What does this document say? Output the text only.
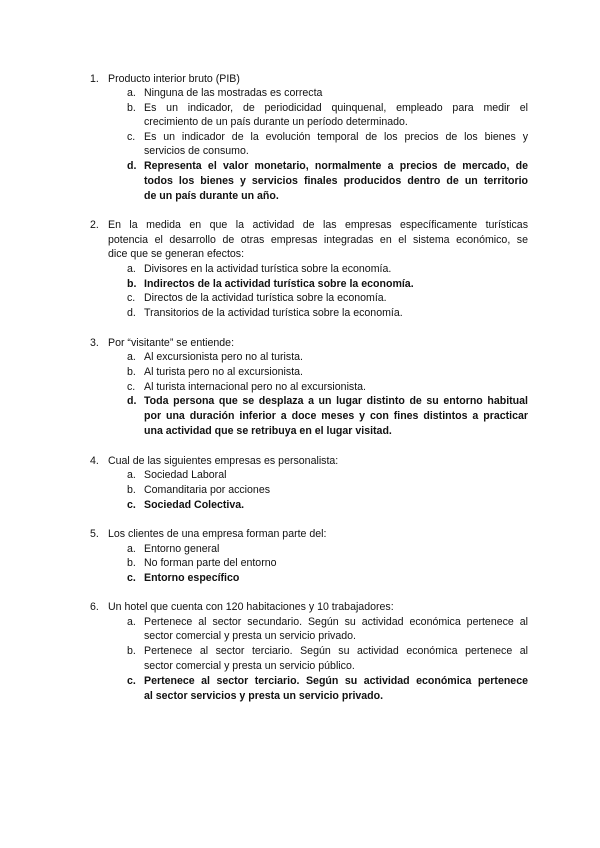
1. Producto interior bruto (PIB)
a. Ninguna de las mostradas es correcta
b. Es un indicador, de periodicidad quinquenal, empleado para medir el
crecimiento de un país durante un período determinado.
c. Es un indicador de la evolución temporal de los precios de los bienes y
servicios de consumo.
d. Representa el valor monetario, normalmente a precios de mercado, de
todos los bienes y servicios finales producidos dentro de un territorio
de un país durante un año.
2. En la medida en que la actividad de las empresas específicamente turísticas
potencia el desarrollo de otras empresas integradas en el sistema económico, se
dice que se generan efectos:
a. Divisores en la actividad turística sobre la economía.
b. Indirectos de la actividad turística sobre la economía.
c. Directos de la actividad turística sobre la economía.
d. Transitorios de la actividad turística sobre la economía.
3. Por “visitante” se entiende:
a. Al excursionista pero no al turista.
b. Al turista pero no al excursionista.
c. Al turista internacional pero no al excursionista.
d. Toda persona que se desplaza a un lugar distinto de su entorno habitual
por una duración inferior a doce meses y con fines distintos a practicar
una actividad que se retribuya en el lugar visitad.
4. Cual de las siguientes empresas es personalista:
a. Sociedad Laboral
b. Comanditaria por acciones
c. Sociedad Colectiva.
5. Los clientes de una empresa forman parte del:
a. Entorno general
b. No forman parte del entorno
c. Entorno específico
6. Un hotel que cuenta con 120 habitaciones y 10 trabajadores:
a. Pertenece al sector secundario. Según su actividad económica pertenece al
sector comercial y presta un servicio privado.
b. Pertenece al sector terciario. Según su actividad económica pertenece al
sector comercial y presta un servicio público.
c. Pertenece al sector terciario. Según su actividad económica pertenece
al sector servicios y presta un servicio privado.
